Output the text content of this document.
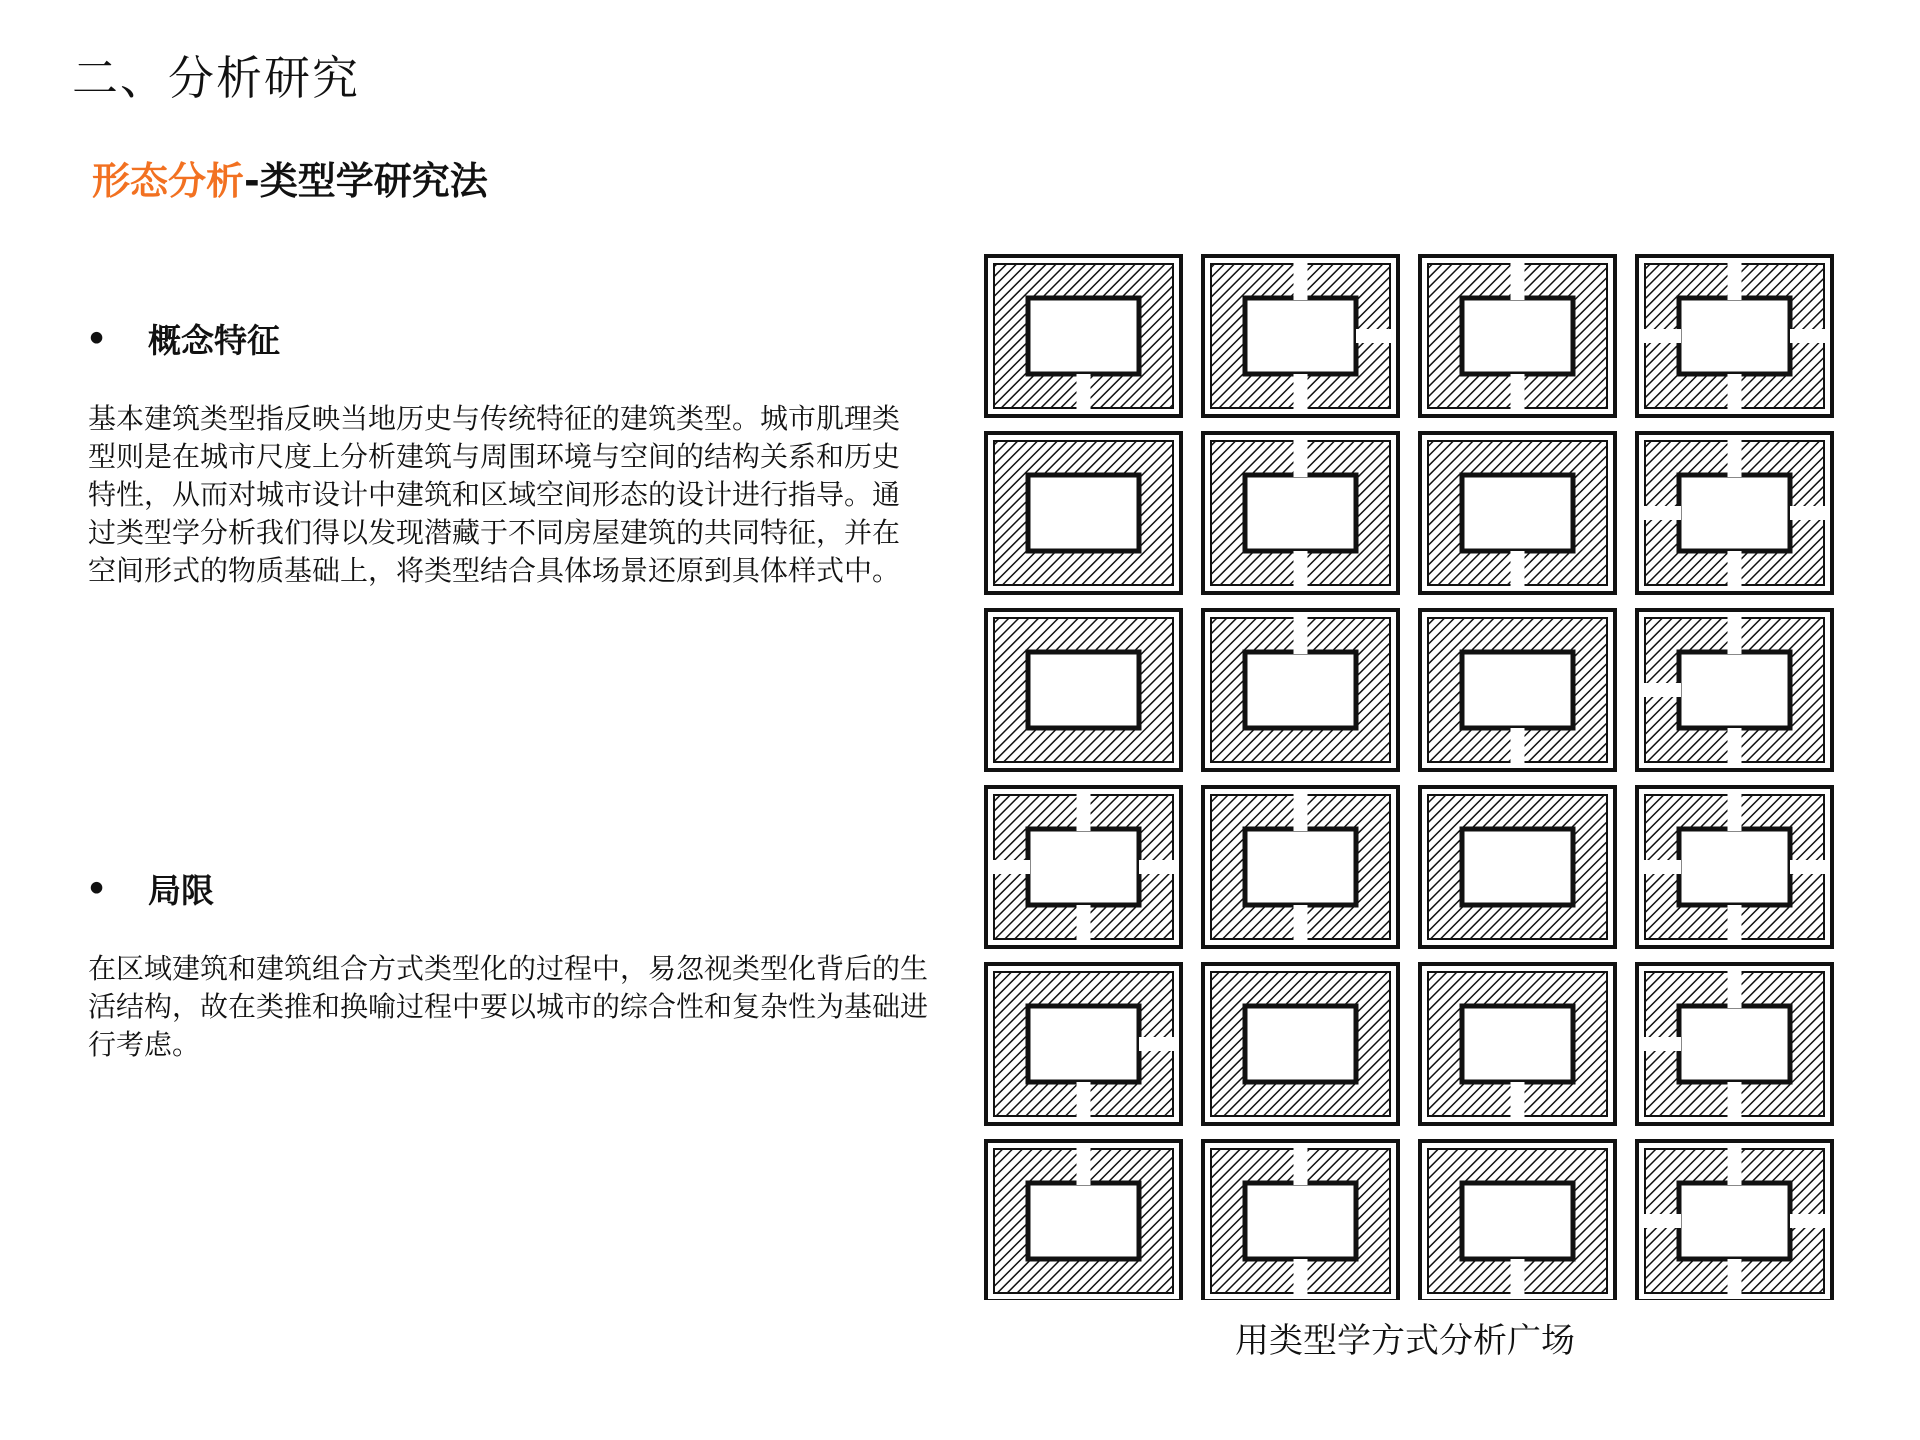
二、分析研究
形态分析-类型学研究法
•	概念特征

基本建筑类型指反映当地历史与传统特征的建筑类型。城市肌理类型则是在城市尺度上分析建筑与周围环境与空间的结构关系和历史特性，从而对城市设计中建筑和区域空间形态的设计进行指导。通过类型学分析我们得以发现潜藏于不同房屋建筑的共同特征，并在空间形式的物质基础上，将类型结合具体场景还原到具体样式中。

•	局限

在区域建筑和建筑组合方式类型化的过程中，易忽视类型化背后的生活结构，故在类推和换喻过程中要以城市的综合性和复杂性为基础进行考虑。

用类型学方式分析广场
